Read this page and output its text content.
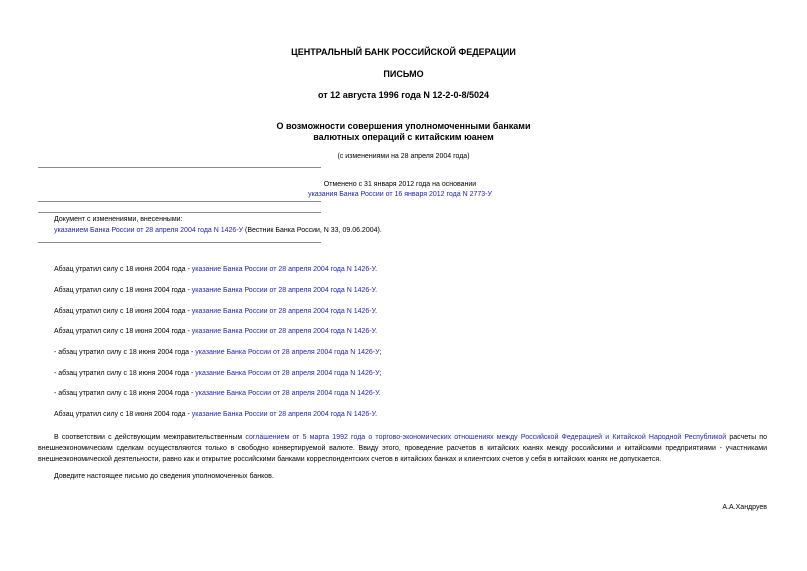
ЦЕНТРАЛЬНЫЙ БАНК РОССИЙСКОЙ ФЕДЕРАЦИИ
ПИСЬМО
от 12 августа 1996 года N 12-2-0-8/5024
О возможности совершения уполномоченными банками
валютных операций с китайским юанем
(с изменениями на 28 апреля 2004 года)
Отменено с 31 января 2012 года на основании
указания Банка России от 16 января 2012 года N 2773-У
Документ с изменениями, внесенными:
указанием Банка России от 28 апреля 2004 года N 1426-У (Вестник Банка России, N 33, 09.06.2004).
Абзац утратил силу с 18 июня 2004 года - указание Банка России от 28 апреля 2004 года N 1426-У.
Абзац утратил силу с 18 июня 2004 года - указание Банка России от 28 апреля 2004 года N 1426-У.
Абзац утратил силу с 18 июня 2004 года - указание Банка России от 28 апреля 2004 года N 1426-У.
Абзац утратил силу с 18 июня 2004 года - указание Банка России от 28 апреля 2004 года N 1426-У.
- абзац утратил силу с 18 июня 2004 года - указание Банка России от 28 апреля 2004 года N 1426-У;
- абзац утратил силу с 18 июня 2004 года - указание Банка России от 28 апреля 2004 года N 1426-У;
- абзац утратил силу с 18 июня 2004 года - указание Банка России от 28 апреля 2004 года N 1426-У.
Абзац утратил силу с 18 июня 2004 года - указание Банка России от 28 апреля 2004 года N 1426-У.
В соответствии с действующим межправительственным соглашением от 5 марта 1992 года о торгово-экономических отношениях между Российской Федерацией и Китайской Народной Республикой расчеты по внешнеэкономическим сделкам осуществляются только в свободно конвертируемой валюте. Ввиду этого, проведение расчетов в китайских юанях между российскими и китайскими предприятиями - участниками внешнеэкономической деятельности, равно как и открытие российскими банками корреспондентских счетов в китайских банках и клиентских счетов у себя в китайских юанях не допускается.
Доведите настоящее письмо до сведения уполномоченных банков.
А.А.Хандруев
